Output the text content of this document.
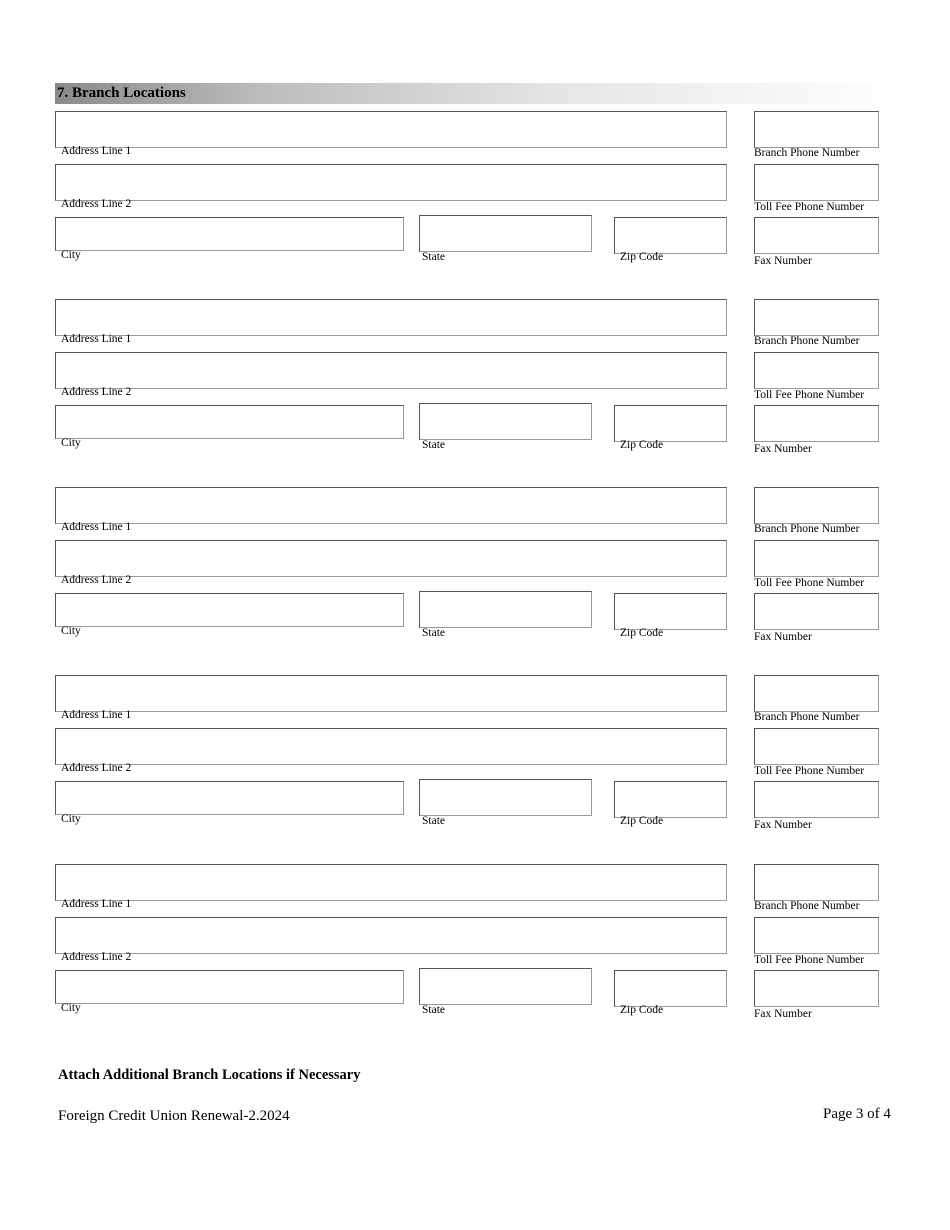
7. Branch Locations
Address Line 1	Branch Phone Number
Address Line 2	Toll Fee Phone Number
City	State	Zip Code	Fax Number
Address Line 1	Branch Phone Number
Address Line 2	Toll Fee Phone Number
City	State	Zip Code	Fax Number
Address Line 1	Branch Phone Number
Address Line 2	Toll Fee Phone Number
City	State	Zip Code	Fax Number
Address Line 1	Branch Phone Number
Address Line 2	Toll Fee Phone Number
City	State	Zip Code	Fax Number
Address Line 1	Branch Phone Number
Address Line 2	Toll Fee Phone Number
City	State	Zip Code	Fax Number
Attach Additional Branch Locations if Necessary
Foreign Credit Union Renewal-2.2024	Page 3 of 4
